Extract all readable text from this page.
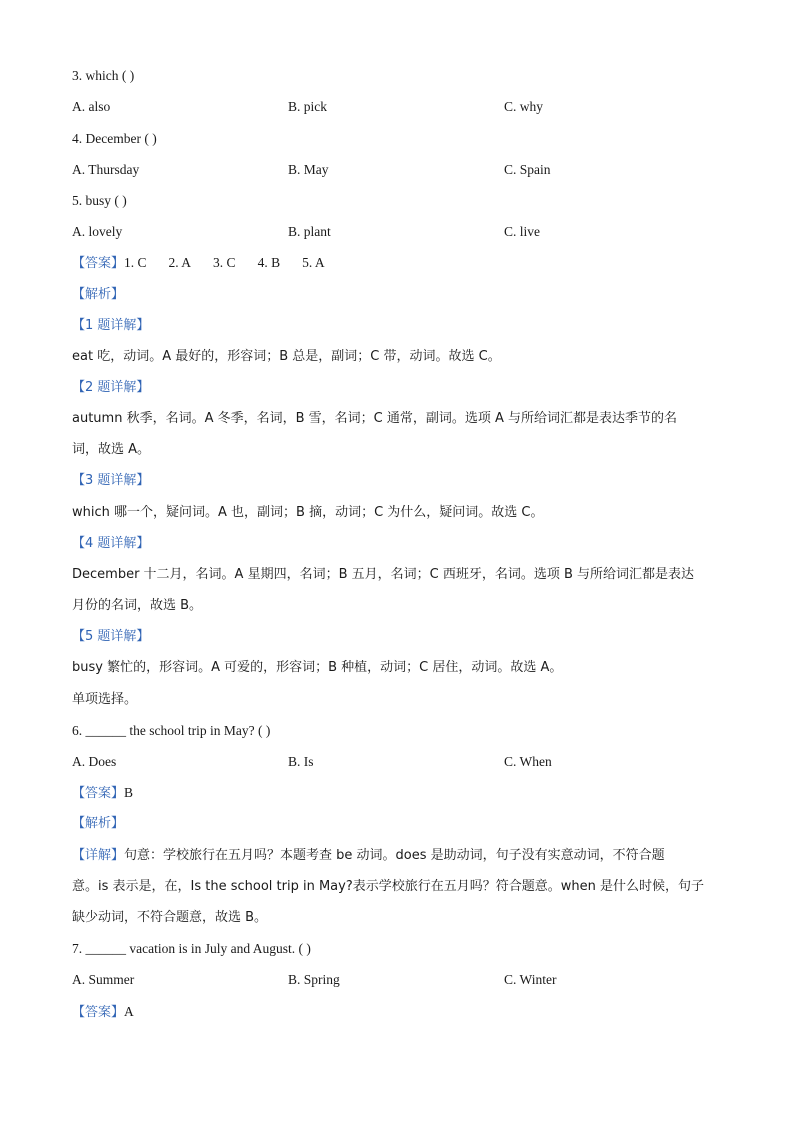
3. which ( )
A. also	B. pick	C. why
4. December ( )
A. Thursday	B. May	C. Spain
5. busy ( )
A. lovely	B. plant	C. live
【答案】1. C 2. A 3. C 4. B 5. A
【解析】
【1 题详解】
eat 吃，动词。A 最好的，形容词；B 总是，副词；C 带，动词。故选 C。
【2 题详解】
autumn 秋季，名词。A 冬季，名词，B 雪，名词；C 通常，副词。选项 A 与所给词汇都是表达季节的名
词，故选 A。
【3 题详解】
which 哪一个，疑问词。A 也，副词；B 摘，动词；C 为什么，疑问词。故选 C。
【4 题详解】
December 十二月，名词。A 星期四，名词；B 五月，名词；C 西班牙，名词。选项 B 与所给词汇都是表达
月份的名词，故选 B。
【5 题详解】
busy 繁忙的，形容词。A 可爱的，形容词；B 种植，动词；C 居住，动词。故选 A。
单项选择。
6. ______ the school trip in May? ( )
A. Does	B. Is	C. When
【答案】B
【解析】
【详解】句意：学校旅行在五月吗？本题考查 be 动词。does 是助动词，句子没有实意动词，不符合题
意。is 表示是，在，Is the school trip in May?表示学校旅行在五月吗？符合题意。when 是什么时候，句子
缺少动词，不符合题意，故选 B。
7. ______ vacation is in July and August. ( )
A. Summer	B. Spring	C. Winter
【答案】A
